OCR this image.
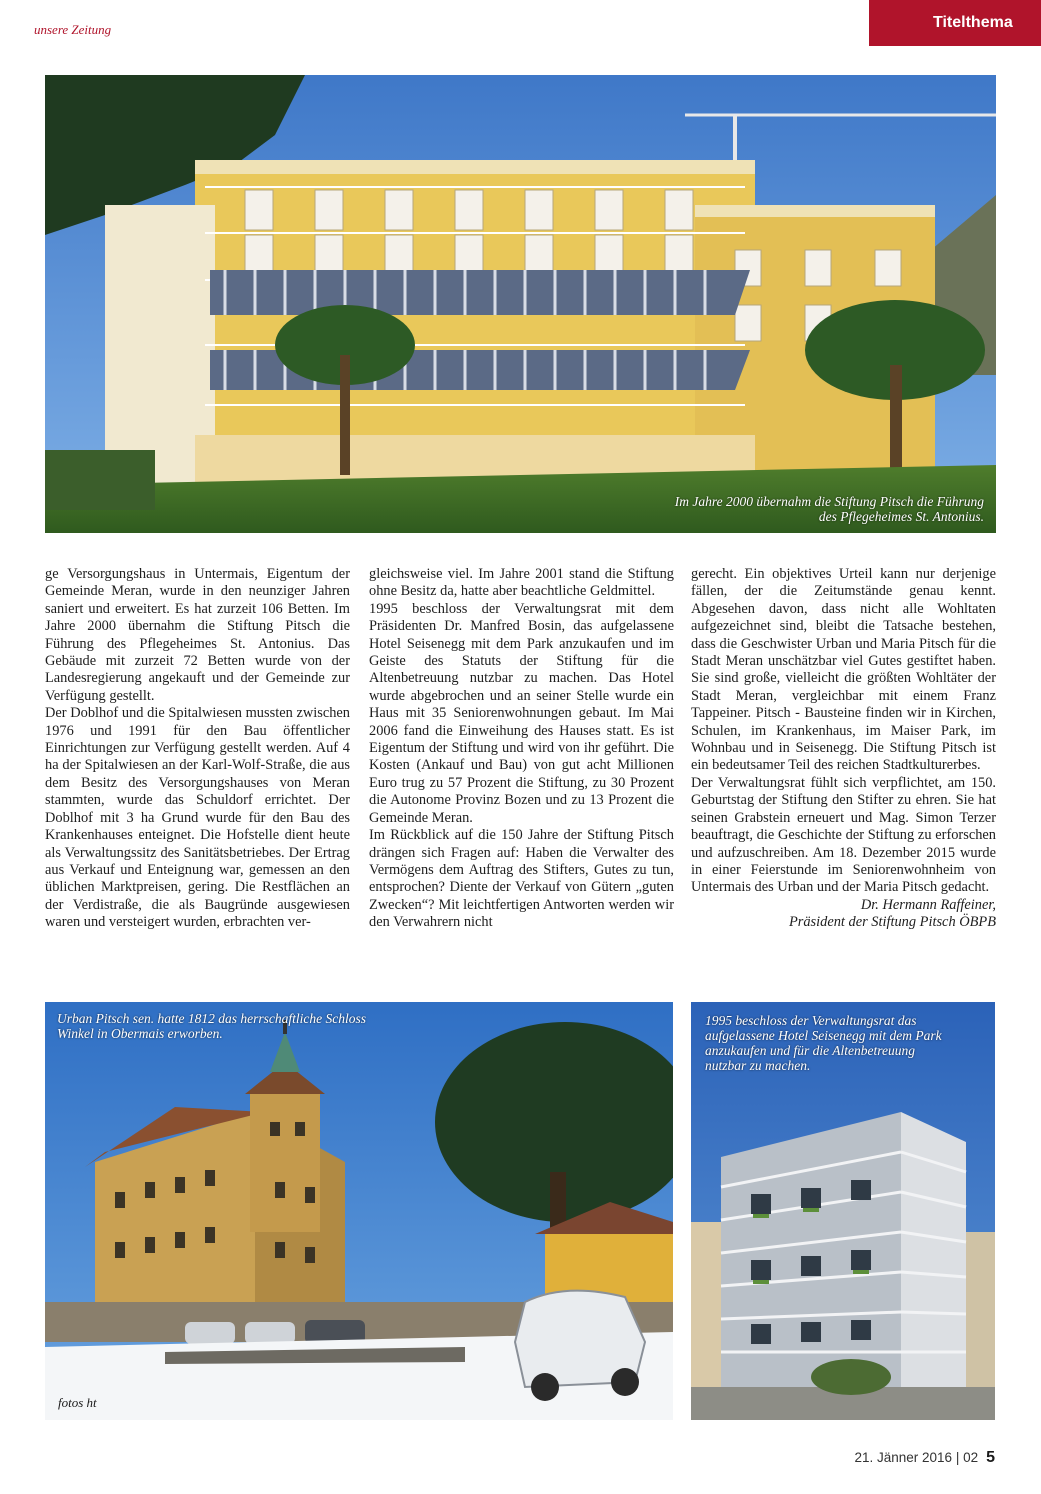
unsere Zeitung	Titelthema
Im Jahre 2000 übernahm die Stiftung Pitsch die Führung des Pflegeheimes St. Antonius.

ge Versorgungshaus in Untermais, Eigentum der Gemeinde Meran, wurde in den neunziger Jahren saniert und erweitert. Es hat zurzeit 106 Betten. Im Jahre 2000 übernahm die Stiftung Pitsch die Führung des Pflegeheimes St. Antonius. Das Gebäude mit zurzeit 72 Betten wurde von der Landesregierung angekauft und der Gemeinde zur Verfügung gestellt.

Der Doblhof und die Spitalwiesen mussten zwischen 1976 und 1991 für den Bau öffentlicher Einrichtungen zur Verfügung gestellt werden. Auf 4 ha der Spitalwiesen an der Karl-Wolf-Straße, die aus dem Besitz des Versorgungshauses von Meran stammten, wurde das Schuldorf errichtet. Der Doblhof mit 3 ha Grund wurde für den Bau des Krankenhauses enteignet. Die Hofstelle dient heute als Verwaltungssitz des Sanitätsbetriebes. Der Ertrag aus Verkauf und Enteignung war, gemessen an den üblichen Marktpreisen, gering. Die Restflächen an der Verdistraße, die als Baugründe ausgewiesen waren und versteigert wurden, erbrachten ver-

gleichsweise viel. Im Jahre 2001 stand die Stiftung ohne Besitz da, hatte aber beachtliche Geldmittel.

1995 beschloss der Verwaltungsrat mit dem Präsidenten Dr. Manfred Bosin, das aufgelassene Hotel Seisenegg mit dem Park anzukaufen und im Geiste des Statuts der Stiftung für die Altenbetreuung nutzbar zu machen. Das Hotel wurde abgebrochen und an seiner Stelle wurde ein Haus mit 35 Seniorenwohnungen gebaut. Im Mai 2006 fand die Einweihung des Hauses statt. Es ist Eigentum der Stiftung und wird von ihr geführt. Die Kosten (Ankauf und Bau) von gut acht Millionen Euro trug zu 57 Prozent die Stiftung, zu 30 Prozent die Autonome Provinz Bozen und zu 13 Prozent die Gemeinde Meran.

Im Rückblick auf die 150 Jahre der Stiftung Pitsch drängen sich Fragen auf: Haben die Verwalter des Vermögens dem Auftrag des Stifters, Gutes zu tun, entsprochen? Diente der Verkauf von Gütern „guten Zwecken“? Mit leichtfertigen Antworten werden wir den Verwahrern nicht

gerecht. Ein objektives Urteil kann nur derjenige fällen, der die Zeitumstände genau kennt. Abgesehen davon, dass nicht alle Wohltaten aufgezeichnet sind, bleibt die Tatsache bestehen, dass die Geschwister Urban und Maria Pitsch für die Stadt Meran unschätzbar viel Gutes gestiftet haben. Sie sind große, vielleicht die größten Wohltäter der Stadt Meran, vergleichbar mit einem Franz Tappeiner. Pitsch - Bausteine finden wir in Kirchen, Schulen, im Krankenhaus, im Maiser Park, im Wohnbau und in Seisenegg. Die Stiftung Pitsch ist ein bedeutsamer Teil des reichen Stadtkulturerbes.

Der Verwaltungsrat fühlt sich verpflichtet, am 150. Geburtstag der Stiftung den Stifter zu ehren. Sie hat seinen Grabstein erneuert und Mag. Simon Terzer beauftragt, die Geschichte der Stiftung zu erforschen und aufzuschreiben. Am 18. Dezember 2015 wurde in einer Feierstunde im Seniorenwohnheim von Untermais des Urban und der Maria Pitsch gedacht.

Dr. Hermann Raffeiner,

Präsident der Stiftung Pitsch ÖBPB

Urban Pitsch sen. hatte 1812 das herrschaftliche Schloss Winkel in Obermais erworben.
fotos ht
1995 beschloss der Verwaltungsrat das aufgelassene Hotel Seisenegg mit dem Park anzukaufen und für die Altenbetreuung nutzbar zu machen.
21. Jänner 2016 | 02 5
